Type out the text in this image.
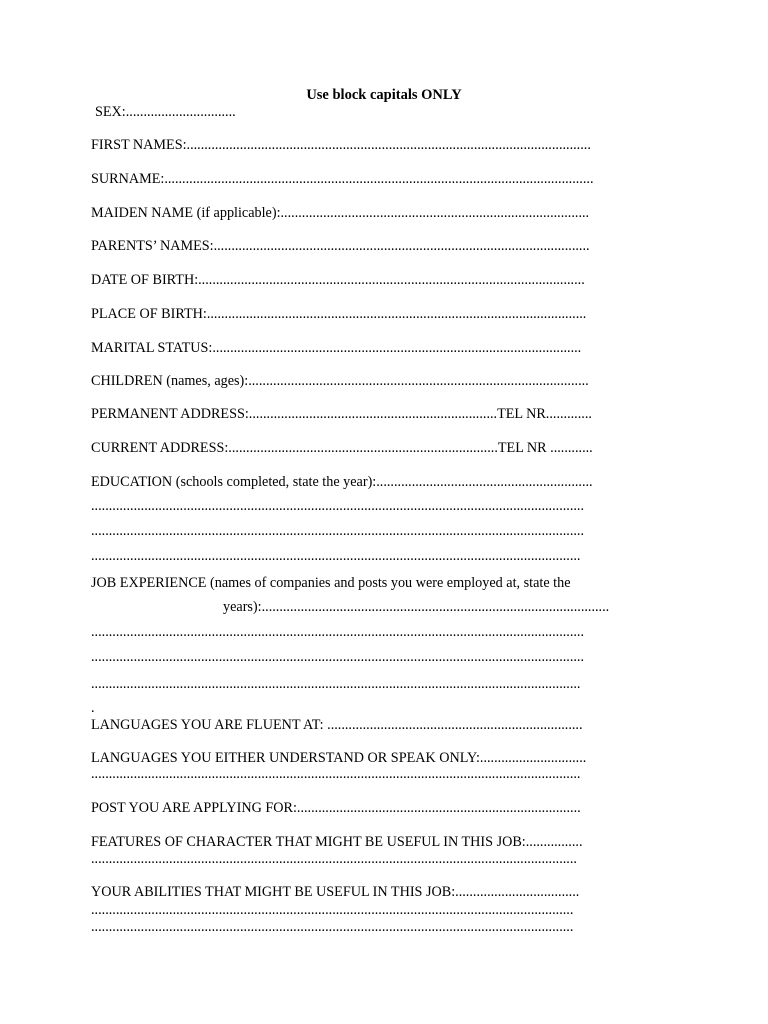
Use block capitals ONLY
SEX:...............................
FIRST NAMES:..................................................................................................................
SURNAME:.........................................................................................................................
MAIDEN NAME (if applicable):.......................................................................................
PARENTS’ NAMES:..........................................................................................................
DATE OF BIRTH:.............................................................................................................
PLACE OF BIRTH:...........................................................................................................
MARITAL STATUS:........................................................................................................
CHILDREN (names, ages):................................................................................................
PERMANENT ADDRESS:......................................................................TEL NR.............
CURRENT ADDRESS:............................................................................TEL NR ............
EDUCATION (schools completed, state the year):.............................................................
...........................................................................................................................................
...........................................................................................................................................
..........................................................................................................................................
JOB EXPERIENCE (names of companies and posts you were employed at, state the
years):..................................................................................................
...........................................................................................................................................
...........................................................................................................................................
..........................................................................................................................................
.
LANGUAGES YOU ARE FLUENT AT: ........................................................................
LANGUAGES YOU EITHER UNDERSTAND OR SPEAK ONLY:..............................
..........................................................................................................................................
POST YOU ARE APPLYING FOR:................................................................................
FEATURES OF CHARACTER THAT MIGHT BE USEFUL IN THIS JOB:................
.........................................................................................................................................
YOUR ABILITIES THAT MIGHT BE USEFUL IN THIS JOB:...................................
........................................................................................................................................
........................................................................................................................................
